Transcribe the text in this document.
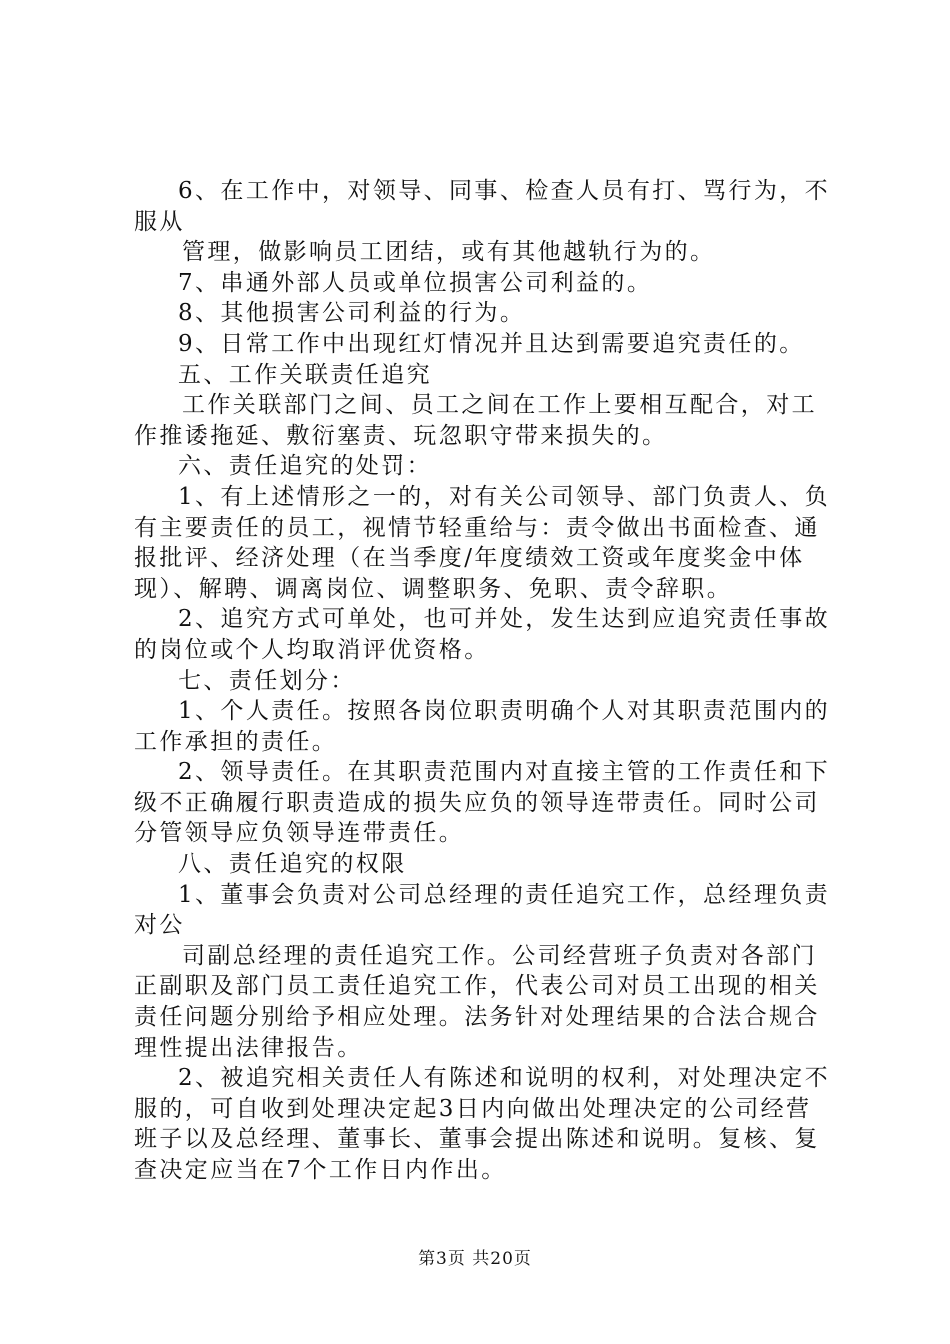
6、在工作中，对领导、同事、检查人员有打、骂行为，不
服从
管理，做影响员工团结，或有其他越轨行为的。
7、串通外部人员或单位损害公司利益的。
8、其他损害公司利益的行为。
9、日常工作中出现红灯情况并且达到需要追究责任的。
五、工作关联责任追究
工作关联部门之间、员工之间在工作上要相互配合，对工
作推诿拖延、敷衍塞责、玩忽职守带来损失的。
六、责任追究的处罚：
1、有上述情形之一的，对有关公司领导、部门负责人、负
有主要责任的员工，视情节轻重给与：责令做出书面检查、通
报批评、经济处理（在当季度/年度绩效工资或年度奖金中体
现）、解聘、调离岗位、调整职务、免职、责令辞职。
2、追究方式可单处，也可并处，发生达到应追究责任事故
的岗位或个人均取消评优资格。
七、责任划分：
1、个人责任。按照各岗位职责明确个人对其职责范围内的
工作承担的责任。
2、领导责任。在其职责范围内对直接主管的工作责任和下
级不正确履行职责造成的损失应负的领导连带责任。同时公司
分管领导应负领导连带责任。
八、责任追究的权限
1、董事会负责对公司总经理的责任追究工作，总经理负责
对公
司副总经理的责任追究工作。公司经营班子负责对各部门
正副职及部门员工责任追究工作，代表公司对员工出现的相关
责任问题分别给予相应处理。法务针对处理结果的合法合规合
理性提出法律报告。
2、被追究相关责任人有陈述和说明的权利，对处理决定不
服的，可自收到处理决定起3日内向做出处理决定的公司经营
班子以及总经理、董事长、董事会提出陈述和说明。复核、复
查决定应当在7个工作日内作出。
第3页 共20页
